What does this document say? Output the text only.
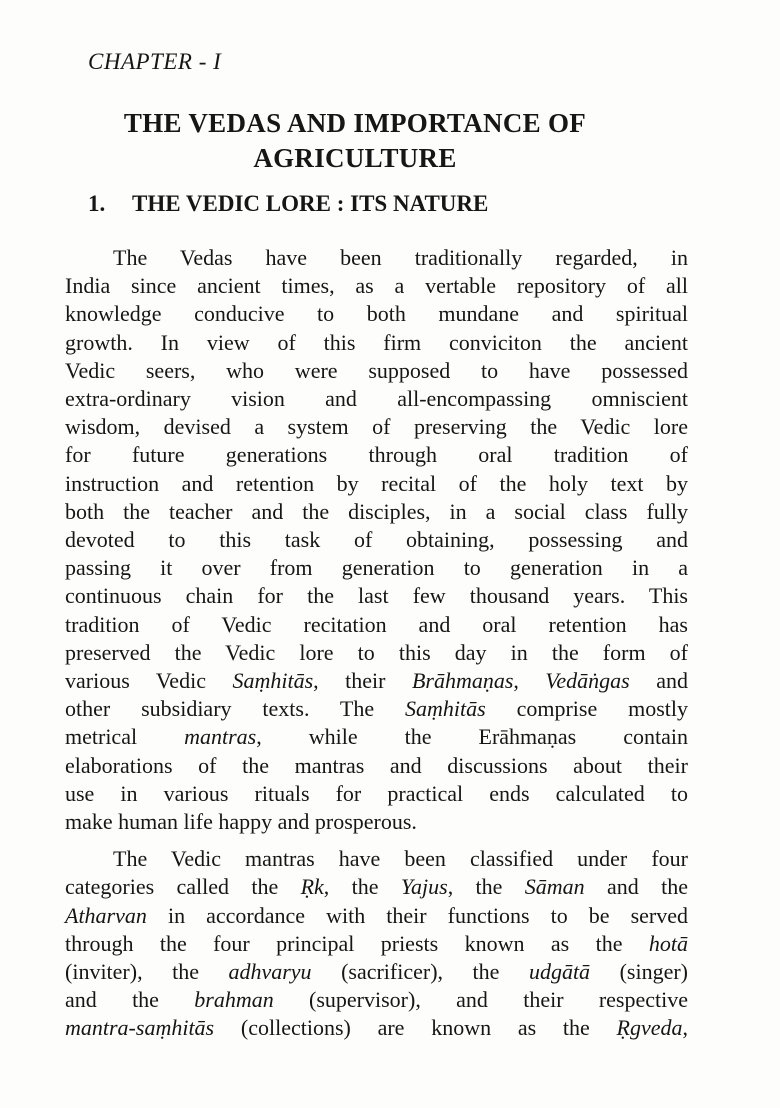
CHAPTER - I
THE VEDAS AND IMPORTANCE OF
AGRICULTURE
1. THE VEDIC LORE : ITS NATURE
The Vedas have been traditionally regarded, in
India since ancient times, as a vertable repository of all
knowledge conducive to both mundane and spiritual
growth. In view of this firm conviciton the ancient
Vedic seers, who were supposed to have possessed
extra-ordinary vision and all-encompassing omniscient
wisdom, devised a system of preserving the Vedic lore
for future generations through oral tradition of
instruction and retention by recital of the holy text by
both the teacher and the disciples, in a social class fully
devoted to this task of obtaining, possessing and
passing it over from generation to generation in a
continuous chain for the last few thousand years. This
tradition of Vedic recitation and oral retention has
preserved the Vedic lore to this day in the form of
various Vedic Saṃhitās, their Brāhmaṇas, Vedāṅgas and
other subsidiary texts. The Saṃhitās comprise mostly
metrical mantras, while the Erāhmaṇas contain
elaborations of the mantras and discussions about their
use in various rituals for practical ends calculated to
make human life happy and prosperous.
The Vedic mantras have been classified under four
categories called the Ṛk, the Yajus, the Sāman and the
Atharvan in accordance with their functions to be served
through the four principal priests known as the hotā
(inviter), the adhvaryu (sacrificer), the udgātā (singer)
and the brahman (supervisor), and their respective
mantra-saṃhitās (collections) are known as the Ṛgveda,
